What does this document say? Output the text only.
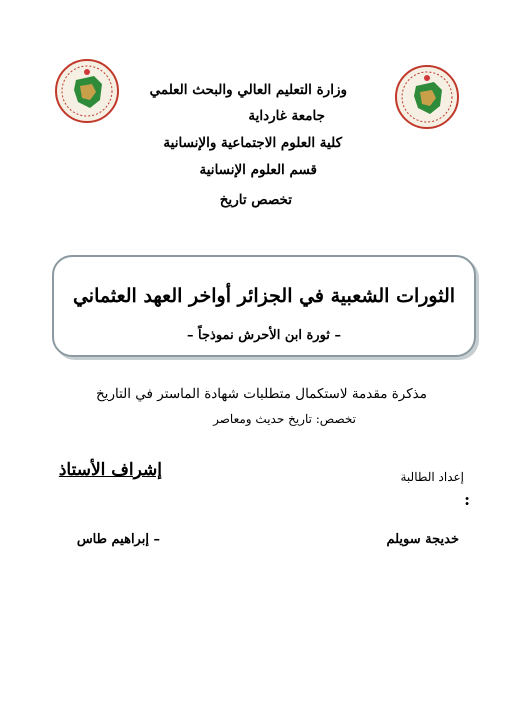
وزارة التعليم العالي والبحث العلمي
جامعة غارداية
كلية العلوم الاجتماعية والإنسانية
قسم العلوم الإنسانية
تخصص تاريخ
الثورات الشعبية في الجزائر أواخر العهد العثماني
– ثورة ابن الأحرش نموذجاً –
مذكرة مقدمة لاستكمال متطلبات شهادة الماستر في التاريخ
تخصص: تاريخ حديث ومعاصر
إعداد الطالبة
:
خديجة سويلم
إشراف الأستاذ
– إبراهيم طاس
